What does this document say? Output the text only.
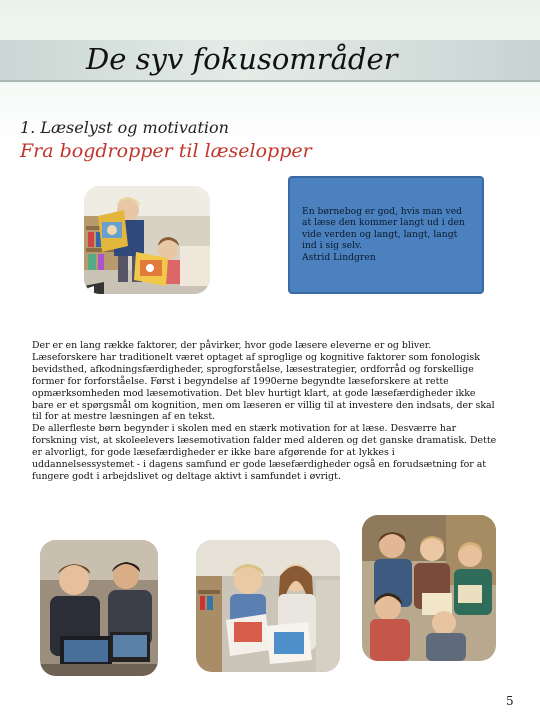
De syv fokusområder
1. Læselyst og motivation
Fra bogdropper til læselopper
En børnebog er god, hvis man ved
at læse den kommer langt ud i den
vide verden og langt, langt, langt
ind i sig selv.
Astrid Lindgren

Der er en lang række faktorer, der påvirker, hvor gode læsere eleverne er og bliver. Læseforskere har traditionelt været optaget af sproglige og kognitive faktorer som fonologisk bevidsthed, afkodningsfærdigheder, sprogforståelse, læsestrategier, ordforråd og forskellige former for forforståelse. Først i begyndelse af 1990erne begyndte læseforskere at rette opmærksomheden mod læsemotivation. Det blev hurtigt klart, at gode læsefærdigheder ikke bare er et spørgsmål om kognition, men om læseren er villig til at investere den indsats, der skal til for at mestre læsningen af en tekst.

De allerfleste børn begynder i skolen med en stærk motivation for at læse. Desværre har forskning vist, at skoleelevers læsemotivation falder med alderen og det ganske dramatisk. Dette er alvorligt, for gode læsefærdigheder er ikke bare afgørende for at lykkes i uddannelsessystemet - i dagens samfund er gode læsefærdigheder også en forudsætning for at fungere godt i arbejdslivet og deltage aktivt i samfundet i øvrigt.

5
